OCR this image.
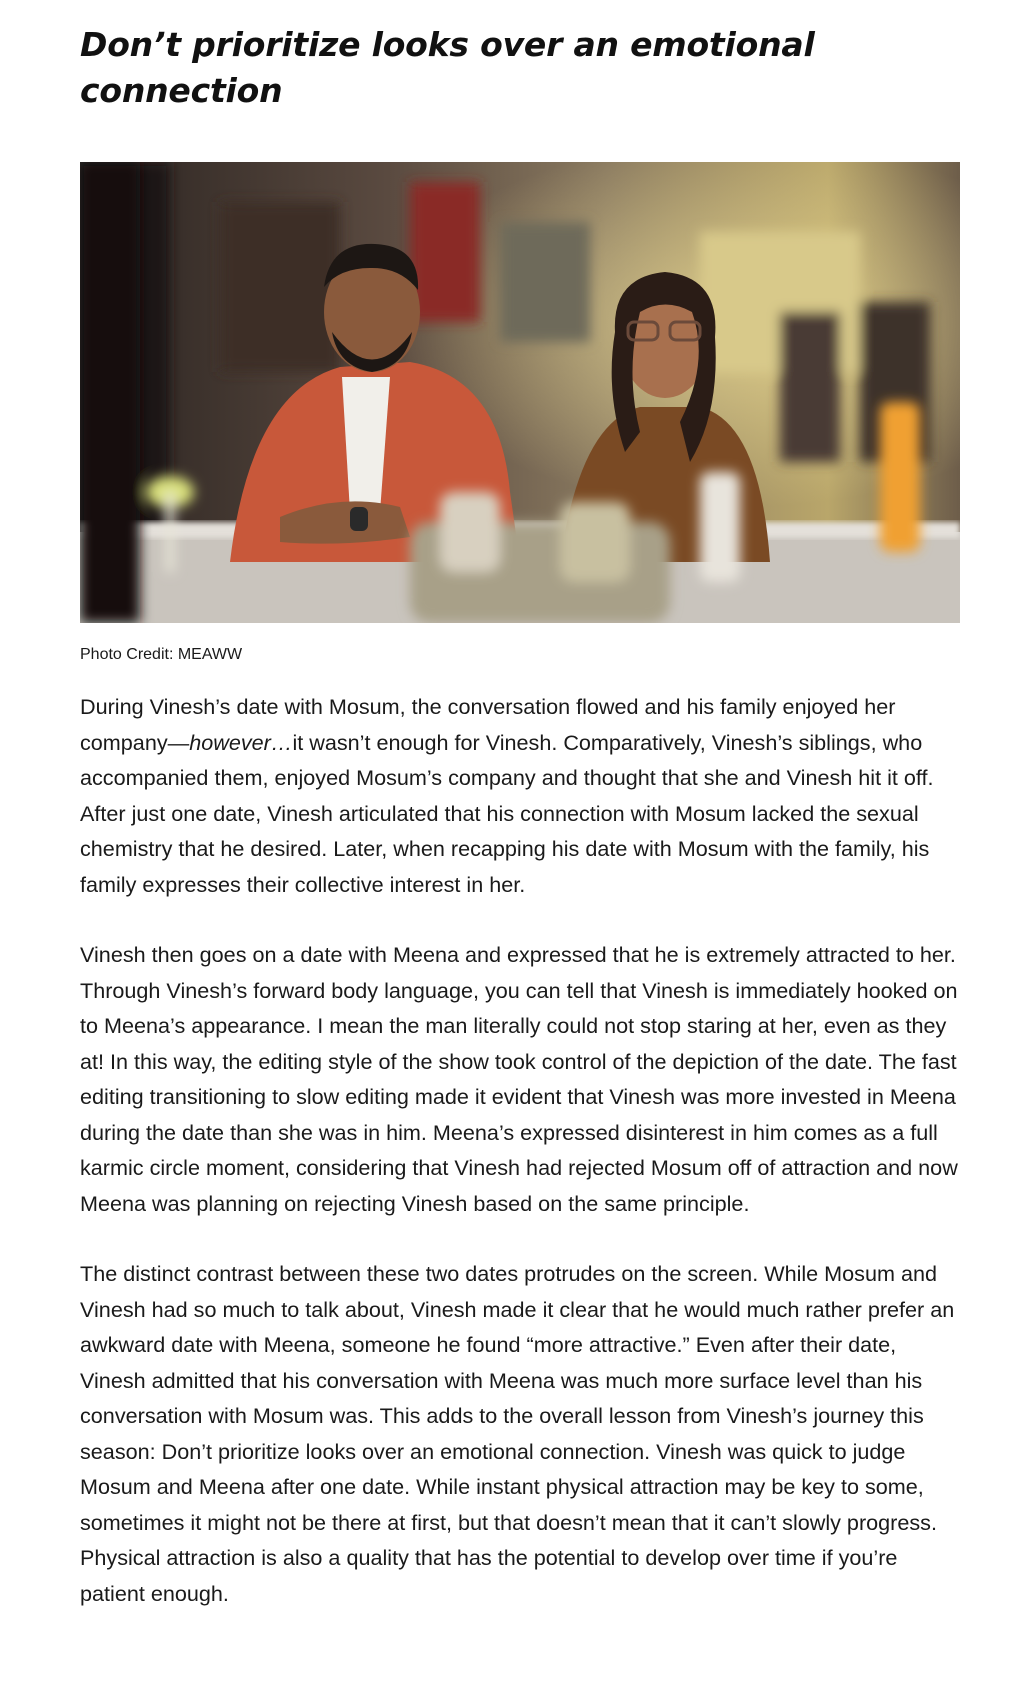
Don’t prioritize looks over an emotional connection
Photo Credit: MEAWW

During Vinesh’s date with Mosum, the conversation flowed and his family enjoyed her company—however…it wasn’t enough for Vinesh. Comparatively, Vinesh’s siblings, who accompanied them, enjoyed Mosum’s company and thought that she and Vinesh hit it off. After just one date, Vinesh articulated that his connection with Mosum lacked the sexual chemistry that he desired. Later, when recapping his date with Mosum with the family, his family expresses their collective interest in her.

Vinesh then goes on a date with Meena and expressed that he is extremely attracted to her. Through Vinesh’s forward body language, you can tell that Vinesh is immediately hooked on to Meena’s appearance. I mean the man literally could not stop staring at her, even as they at! In this way, the editing style of the show took control of the depiction of the date. The fast editing transitioning to slow editing made it evident that Vinesh was more invested in Meena during the date than she was in him. Meena’s expressed disinterest in him comes as a full karmic circle moment, considering that Vinesh had rejected Mosum off of attraction and now Meena was planning on rejecting Vinesh based on the same principle.

The distinct contrast between these two dates protrudes on the screen. While Mosum and Vinesh had so much to talk about, Vinesh made it clear that he would much rather prefer an awkward date with Meena, someone he found “more attractive.” Even after their date, Vinesh admitted that his conversation with Meena was much more surface level than his conversation with Mosum was. This adds to the overall lesson from Vinesh’s journey this season: Don’t prioritize looks over an emotional connection. Vinesh was quick to judge Mosum and Meena after one date. While instant physical attraction may be key to some, sometimes it might not be there at first, but that doesn’t mean that it can’t slowly progress. Physical attraction is also a quality that has the potential to develop over time if you’re patient enough.
